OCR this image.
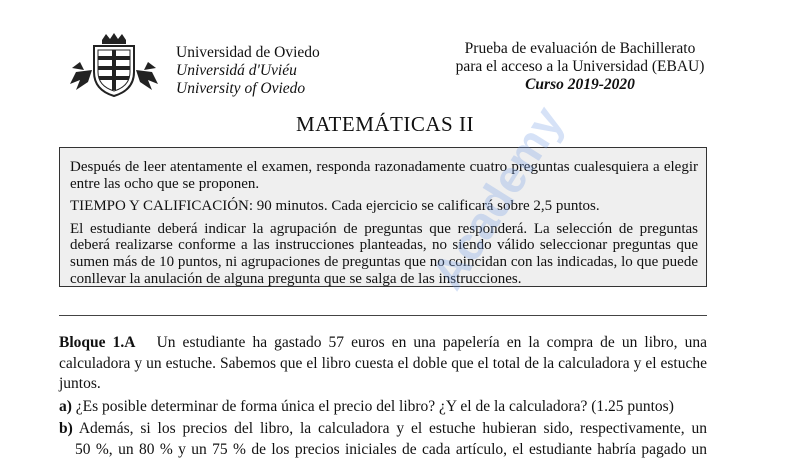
Universidad de Oviedo
Universidá d'Uviéu
University of Oviedo
Prueba de evaluación de Bachillerato
para el acceso a la Universidad (EBAU)
Curso 2019-2020
MATEMÁTICAS II

Después de leer atentamente el examen, responda razonadamente cuatro preguntas cualesquiera a elegir entre las ocho que se proponen.

TIEMPO Y CALIFICACIÓN: 90 minutos. Cada ejercicio se calificará sobre 2,5 puntos.

El estudiante deberá indicar la agrupación de preguntas que responderá. La selección de preguntas deberá realizarse conforme a las instrucciones planteadas, no siendo válido seleccionar preguntas que sumen más de 10 puntos, ni agrupaciones de preguntas que no coincidan con las indicadas, lo que puede conllevar la anulación de alguna pregunta que se salga de las instrucciones.

Bloque 1.A Un estudiante ha gastado 57 euros en una papelería en la compra de un libro, una calculadora y un estuche. Sabemos que el libro cuesta el doble que el total de la calculadora y el estuche juntos.

a) ¿Es posible determinar de forma única el precio del libro? ¿Y el de la calculadora? (1.25 puntos)

b) Además, si los precios del libro, la calculadora y el estuche hubieran sido, respectivamente, un

50 %, un 80 % y un 75 % de los precios iniciales de cada artículo, el estudiante habría pagado un

Academy
